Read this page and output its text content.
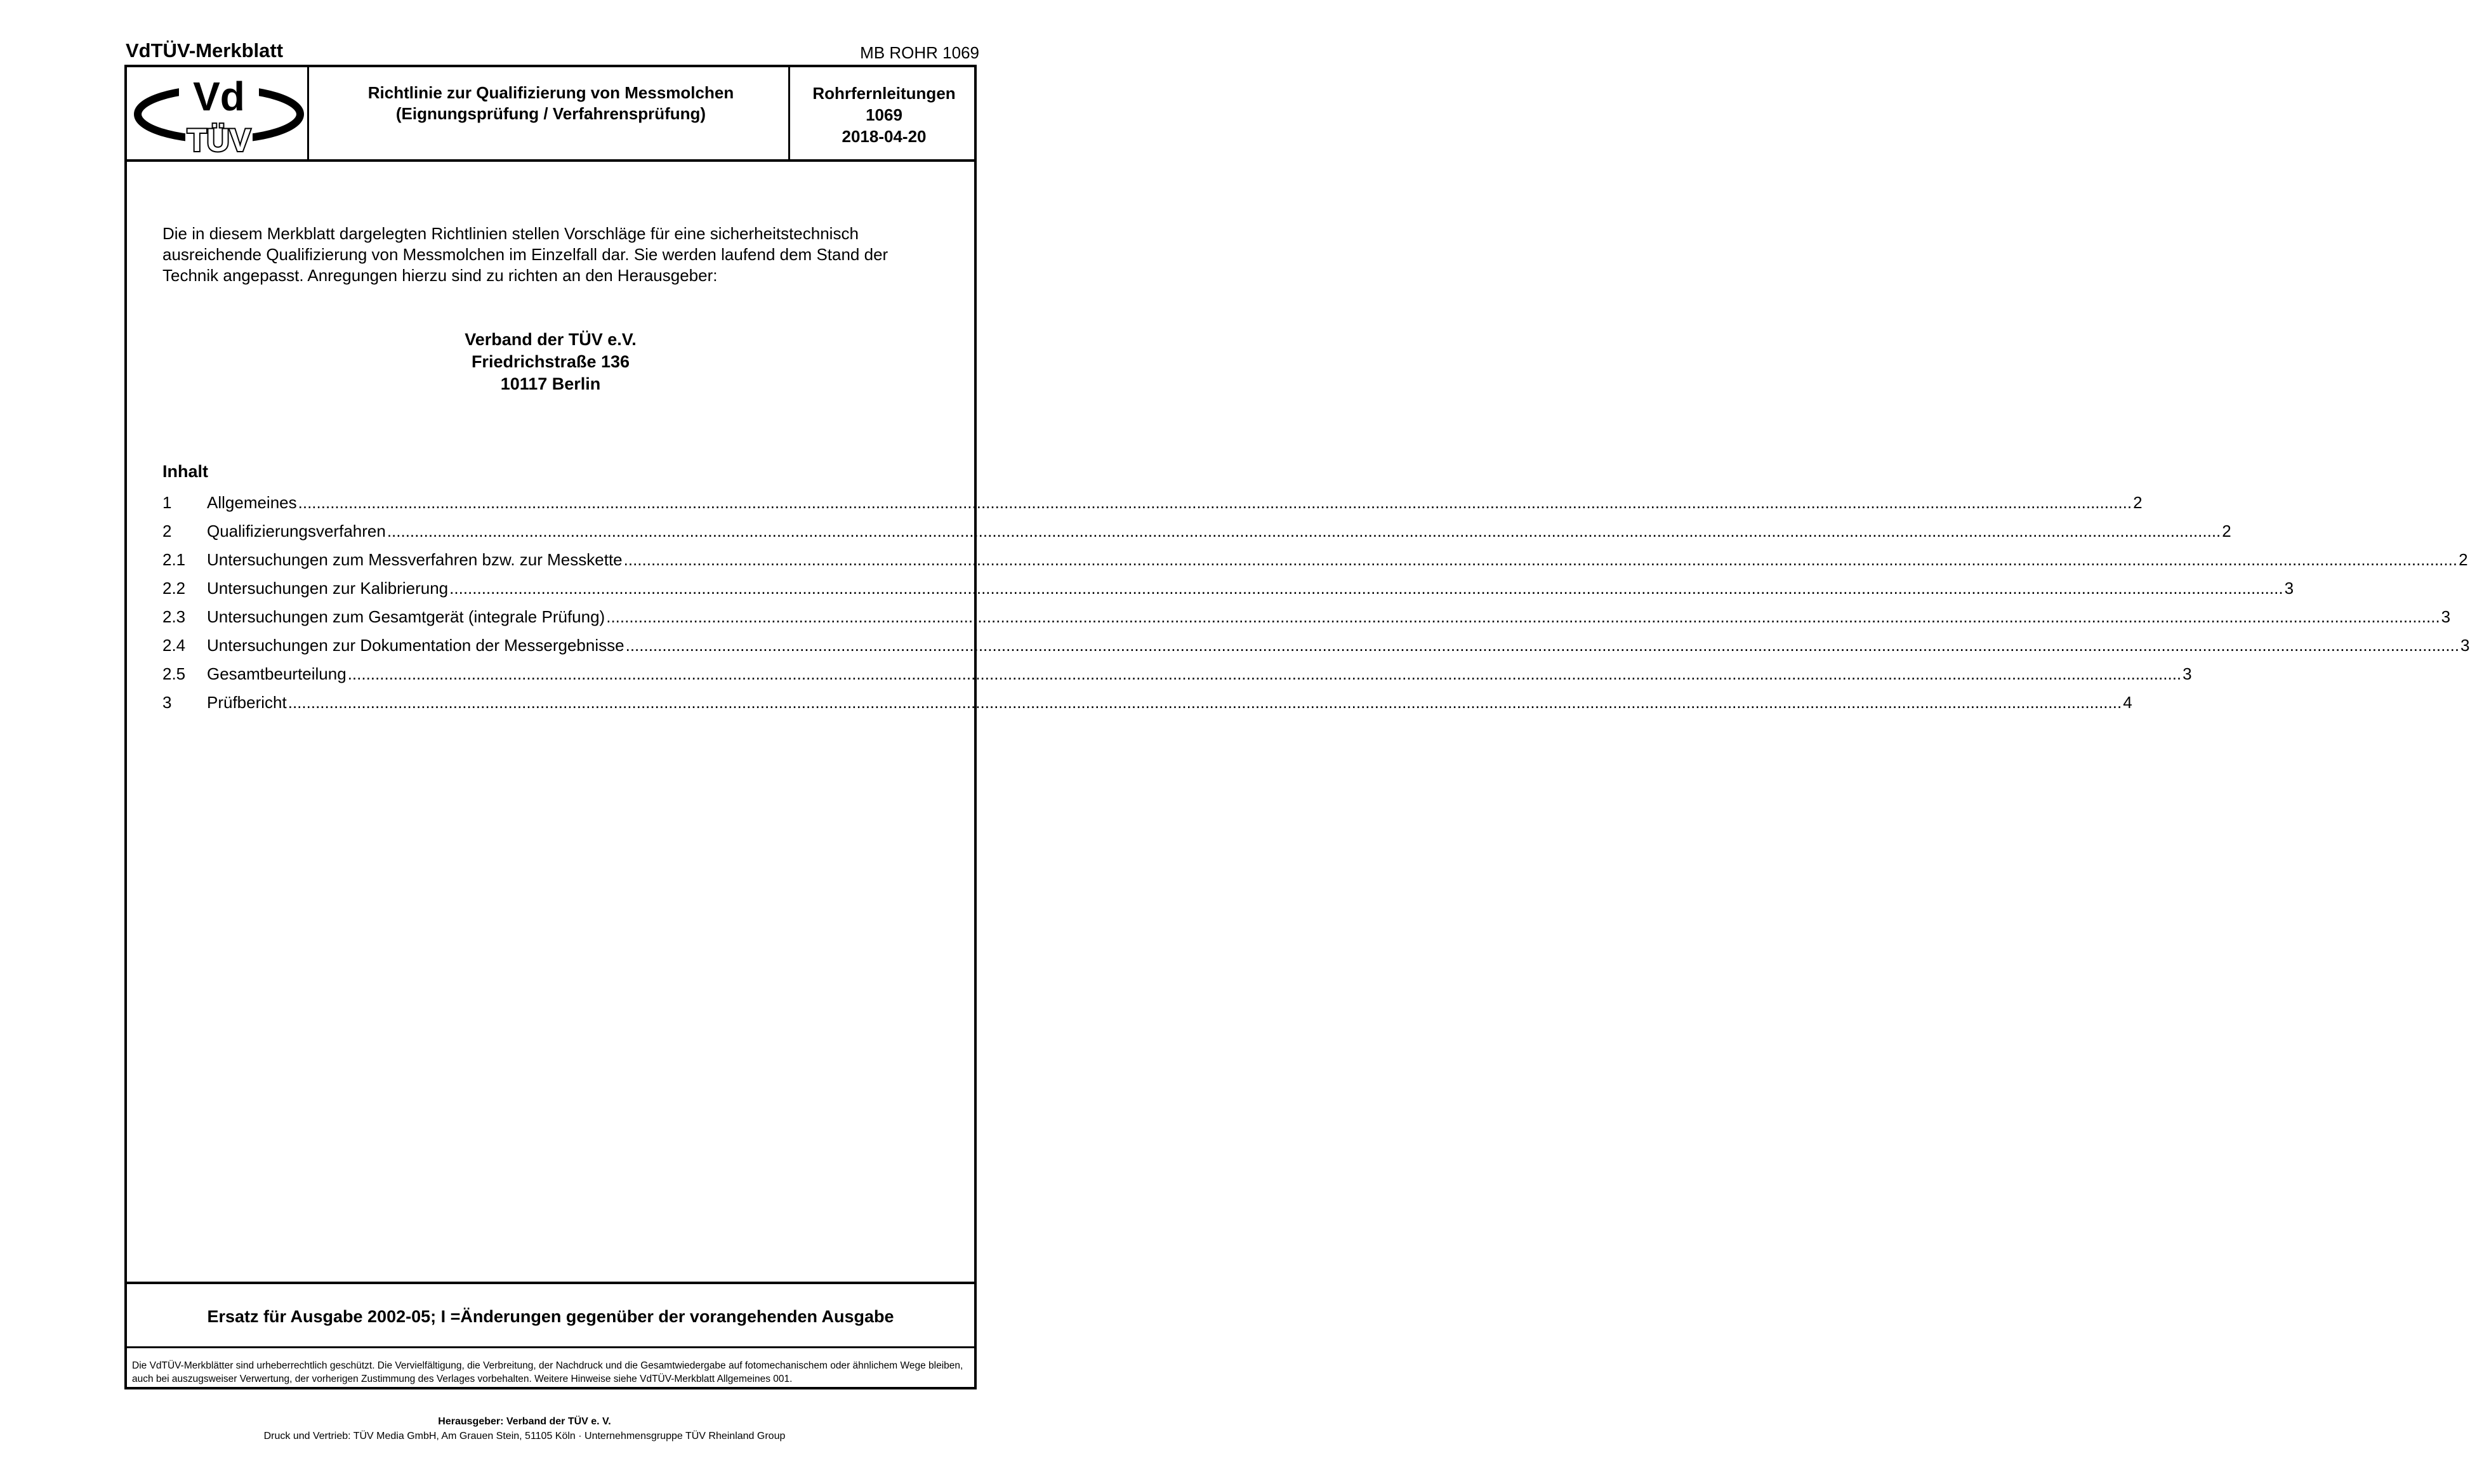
VdTÜV-Merkblatt	MB ROHR 1069
Vd
TÜV
Richtlinie zur Qualifizierung von Messmolchen
(Eignungsprüfung / Verfahrensprüfung)
Rohrfernleitungen
1069
2018-04-20
Die in diesem Merkblatt dargelegten Richtlinien stellen Vorschläge für eine sicherheitstechnisch ausreichende Qualifizierung von Messmolchen im Einzelfall dar. Sie werden laufend dem Stand der Technik angepasst. Anregungen hierzu sind zu richten an den Herausgeber:
Verband der TÜV e.V.
Friedrichstraße 136
10117 Berlin
Inhalt
1 Allgemeines ................................................................................................................................................................................................................................................................................................................................................................................................................ 2
2 Qualifizierungsverfahren ................................................................................................................................................................................................................................................................................................................................................................................................................ 2
2.1 Untersuchungen zum Messverfahren bzw. zur Messkette ................................................................................................................................................................................................................................................................................................................................................................................................................ 2
2.2 Untersuchungen zur Kalibrierung ................................................................................................................................................................................................................................................................................................................................................................................................................ 3
2.3 Untersuchungen zum Gesamtgerät (integrale Prüfung) ................................................................................................................................................................................................................................................................................................................................................................................................................ 3
2.4 Untersuchungen zur Dokumentation der Messergebnisse ................................................................................................................................................................................................................................................................................................................................................................................................................ 3
2.5 Gesamtbeurteilung ................................................................................................................................................................................................................................................................................................................................................................................................................ 3
3 Prüfbericht ................................................................................................................................................................................................................................................................................................................................................................................................................ 4
Ersatz für Ausgabe 2002-05; I =Änderungen gegenüber der vorangehenden Ausgabe
Die VdTÜV-Merkblätter sind urheberrechtlich geschützt. Die Vervielfältigung, die Verbreitung, der Nachdruck und die Gesamtwiedergabe auf fotomechanischem oder ähnlichem Wege bleiben, auch bei auszugsweiser Verwertung, der vorherigen Zustimmung des Verlages vorbehalten. Weitere Hinweise siehe VdTÜV-Merkblatt Allgemeines 001.
Herausgeber: Verband der TÜV e. V.
Druck und Vertrieb: TÜV Media GmbH, Am Grauen Stein, 51105 Köln · Unternehmensgruppe TÜV Rheinland Group
